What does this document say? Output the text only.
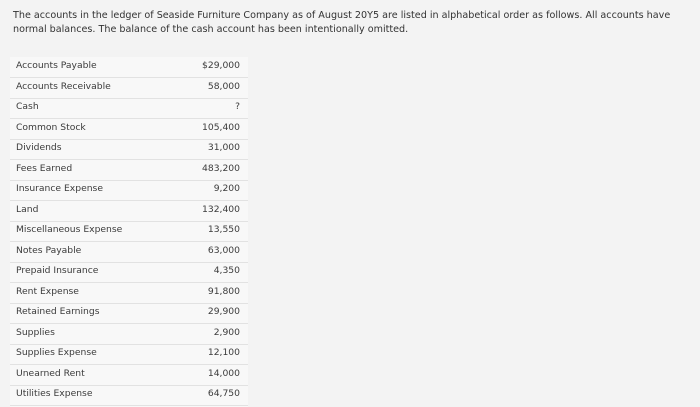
The accounts in the ledger of Seaside Furniture Company as of August 20Y5 are listed in alphabetical order as follows. All accounts have normal balances. The balance of the cash account has been intentionally omitted.
Accounts Payable	$29,000
Accounts Receivable	58,000
Cash	?
Common Stock	105,400
Dividends	31,000
Fees Earned	483,200
Insurance Expense	9,200
Land	132,400
Miscellaneous Expense	13,550
Notes Payable	63,000
Prepaid Insurance	4,350
Rent Expense	91,800
Retained Earnings	29,900
Supplies	2,900
Supplies Expense	12,100
Unearned Rent	14,000
Utilities Expense	64,750
